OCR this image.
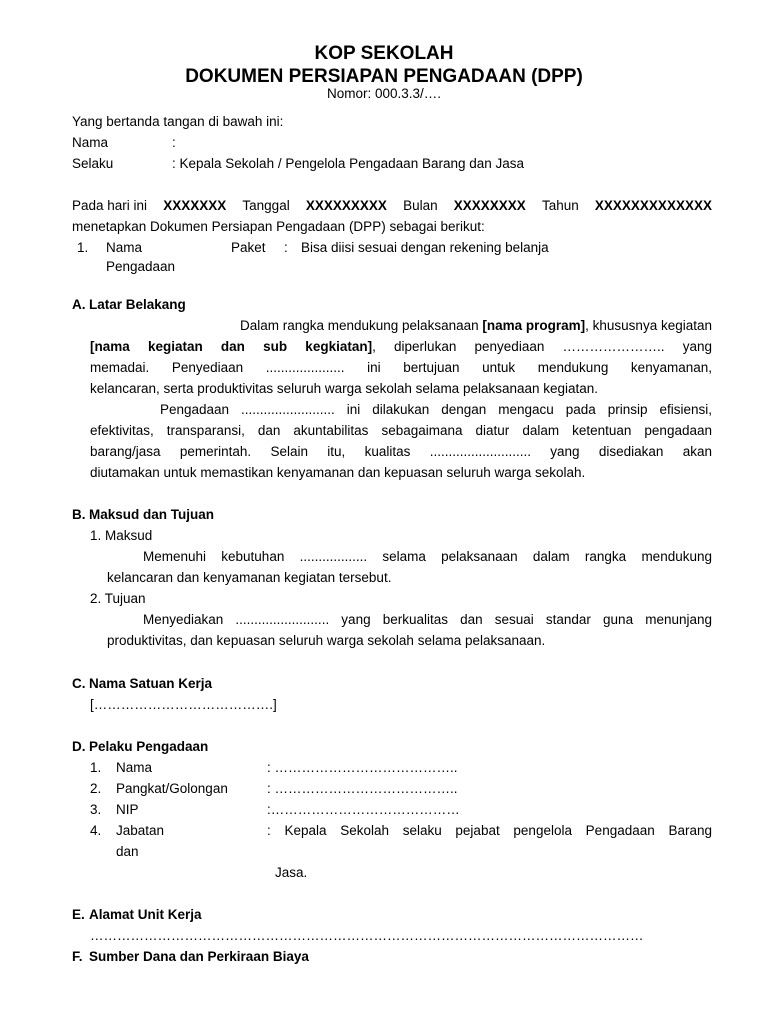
KOP SEKOLAH
DOKUMEN PERSIAPAN PENGADAAN (DPP)
Nomor: 000.3.3/….
Yang bertanda tangan di bawah ini:
Nama	:
Selaku	: Kepala Sekolah / Pengelola Pengadaan Barang dan Jasa
Pada hari ini XXXXXXX Tanggal XXXXXXXXX Bulan XXXXXXXX Tahun XXXXXXXXXXXXX
menetapkan Dokumen Persiapan Pengadaan (DPP) sebagai berikut:
1. Nama	Paket : Bisa diisi sesuai dengan rekening belanja
Pengadaan
A. Latar Belakang
Dalam rangka mendukung pelaksanaan [nama program], khususnya kegiatan
[nama kegiatan dan sub kegkiatan], diperlukan penyediaan ………………….. yang
memadai. Penyediaan ..................... ini bertujuan untuk mendukung kenyamanan,
kelancaran, serta produktivitas seluruh warga sekolah selama pelaksanaan kegiatan.
Pengadaan ......................... ini dilakukan dengan mengacu pada prinsip efisiensi,
efektivitas, transparansi, dan akuntabilitas sebagaimana diatur dalam ketentuan pengadaan
barang/jasa pemerintah. Selain itu, kualitas ........................... yang disediakan akan
diutamakan untuk memastikan kenyamanan dan kepuasan seluruh warga sekolah.
B. Maksud dan Tujuan
1. Maksud
Memenuhi kebutuhan .................. selama pelaksanaan dalam rangka mendukung
kelancaran dan kenyamanan kegiatan tersebut.
2. Tujuan
Menyediakan ......................... yang berkualitas dan sesuai standar guna menunjang
produktivitas, dan kepuasan seluruh warga sekolah selama pelaksanaan.
C. Nama Satuan Kerja
[………………………………….]
D. Pelaku Pengadaan
1. Nama	: …………………………………..
2. Pangkat/Golongan	: …………………………………..
3. NIP	:……………………………………
4. Jabatan	: Kepala Sekolah selaku pejabat pengelola Pengadaan Barang
dan
Jasa.
E. Alamat Unit Kerja
……………………………………………………………………………………………………………
F. Sumber Dana dan Perkiraan Biaya
